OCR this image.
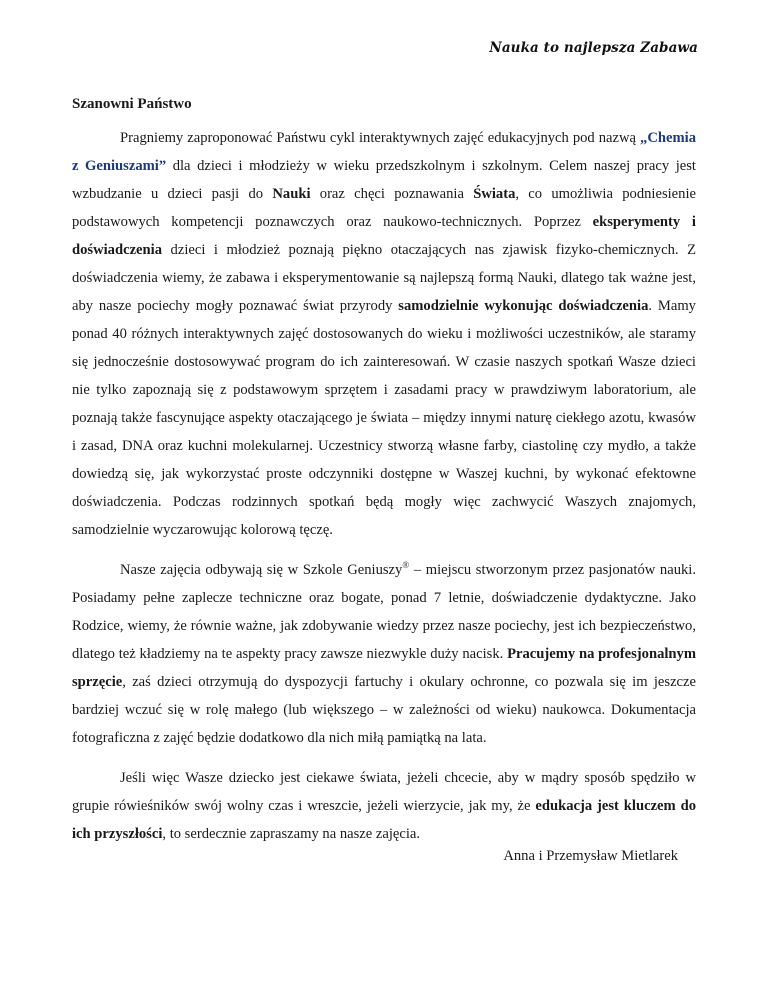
Nauka to najlepsza Zabawa
Szanowni Państwo

Pragniemy zaproponować Państwu cykl interaktywnych zajęć edukacyjnych pod nazwą „Chemia z Geniuszami” dla dzieci i młodzieży w wieku przedszkolnym i szkolnym. Celem naszej pracy jest wzbudzanie u dzieci pasji do Nauki oraz chęci poznawania Świata, co umożliwia podniesienie podstawowych kompetencji poznawczych oraz naukowo-technicznych. Poprzez eksperymenty i doświadczenia dzieci i młodzież poznają piękno otaczających nas zjawisk fizyko-chemicznych. Z doświadczenia wiemy, że zabawa i eksperymentowanie są najlepszą formą Nauki, dlatego tak ważne jest, aby nasze pociechy mogły poznawać świat przyrody samodzielnie wykonując doświadczenia. Mamy ponad 40 różnych interaktywnych zajęć dostosowanych do wieku i możliwości uczestników, ale staramy się jednocześnie dostosowywać program do ich zainteresowań. W czasie naszych spotkań Wasze dzieci nie tylko zapoznają się z podstawowym sprzętem i zasadami pracy w prawdziwym laboratorium, ale poznają także fascynujące aspekty otaczającego je świata – między innymi naturę ciekłego azotu, kwasów i zasad, DNA oraz kuchni molekularnej. Uczestnicy stworzą własne farby, ciastolinę czy mydło, a także dowiedzą się, jak wykorzystać proste odczynniki dostępne w Waszej kuchni, by wykonać efektowne doświadczenia. Podczas rodzinnych spotkań będą mogły więc zachwycić Waszych znajomych, samodzielnie wyczarowując kolorową tęczę.

Nasze zajęcia odbywają się w Szkole Geniuszy® – miejscu stworzonym przez pasjonatów nauki. Posiadamy pełne zaplecze techniczne oraz bogate, ponad 7 letnie, doświadczenie dydaktyczne. Jako Rodzice, wiemy, że równie ważne, jak zdobywanie wiedzy przez nasze pociechy, jest ich bezpieczeństwo, dlatego też kładziemy na te aspekty pracy zawsze niezwykle duży nacisk. Pracujemy na profesjonalnym sprzęcie, zaś dzieci otrzymują do dyspozycji fartuchy i okulary ochronne, co pozwala się im jeszcze bardziej wczuć się w rolę małego (lub większego – w zależności od wieku) naukowca. Dokumentacja fotograficzna z zajęć będzie dodatkowo dla nich miłą pamiątką na lata.

Jeśli więc Wasze dziecko jest ciekawe świata, jeżeli chcecie, aby w mądry sposób spędziło w grupie rówieśników swój wolny czas i wreszcie, jeżeli wierzycie, jak my, że edukacja jest kluczem do ich przyszłości, to serdecznie zapraszamy na nasze zajęcia.

Anna i Przemysław Mietlarek
